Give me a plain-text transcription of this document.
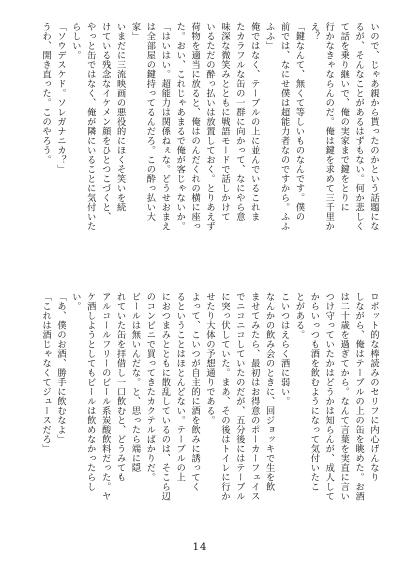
いので、じゃあ親から貰ったのかという話題にな
るが、そんなことがあるはずもない。何か悲しく
て話を乗り継いで、俺の実家まで鍵をとりに
行かなきゃならんのだ。俺は鍵を求めて三千里か
え？
「鍵なんて、無くて等しいものなんです。僕の
前では、なにせ僕は超能力者なのですから。ふふ
ふふ」
俺ではなく、テーブルの上に並んでいるこれま
たカラフルな缶の一群に向かって、なにやら意
味深な微笑みとともに戦語モードで話しかけて
いるただの酔っ払いは放置しておく。とりあえず
荷物を適当に放ると、俺はのんだくれの横に座っ
た。おい、これじゃあまるで俺が客じゃないか。
「はいはい。超能力は関係ねぇな。どうせおまえ
は全部屋の鍵持ってるんだろ。この酔っ払い大
家」
いまだに三流映画の悪役的にほくそ笑いを続
けている残念なイケメン顔をひとつこづくと、
やっと缶ではなく、俺が隣にいることに気付いた
らしい。
「ソウデスケド。ソレガナニカ？」
うわ、開き直った。このやろう。
ロボット的な棒読みのセリフに内心げんなり
しながら、俺はテーブルの上の缶を眺めた。お酒
は二十歳を過ぎてから。なんて言葉を実直に言い
つけ守っていたかはどうかは知らんが、成人して
からいっつも酒を飲むようになって気付いたこ
とがある。
こいつはえらく酒に弱い。
なんかの飲み会のときに、回ジョッキで生を飲
ませてみたら、最初はお得意のポーカーフェイス
でニコニコしていたのだが、五分後にはテーブル
に突っ伏していた。まあ、その後はトイレに行か
せたり大体の予想通りである。
よって、こいつが自主的に酒を飲みに誘ってく
るということはほとんどない。テーブルの上
におつまみとともに散乱しているのは、そこら辺
のコンビニで買ってきたカクテルばかりだ。
ビールは無いんだな。と、思ったら端に隠
れていた缶を拝借し一口飲むと、どうみても
アルコールフリーのビール系炭酸飲料だった。ヤ
ケ酒しようとしてもビールは飲めなかったらし
い。
「あ、僕のお酒、勝手に飲むなよ」
「これは酒じゃなくてジュースだろ」
14
